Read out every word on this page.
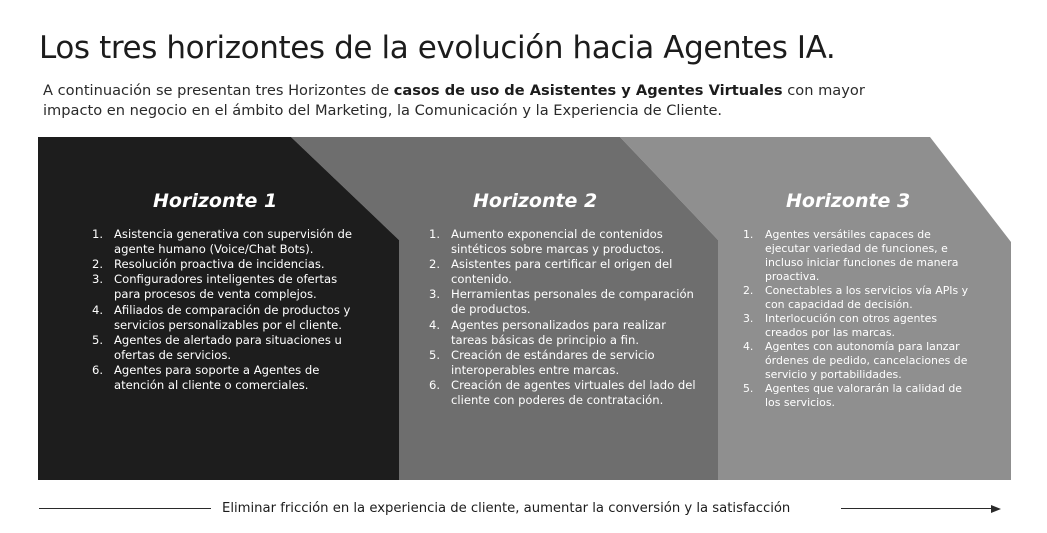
Los tres horizontes de la evolución hacia Agentes IA.

A continuación se presentan tres Horizontes de casos de uso de Asistentes y Agentes Virtuales con mayor impacto en negocio en el ámbito del Marketing, la Comunicación y la Experiencia de Cliente.

Horizonte 1
1. Asistencia generativa con supervisión de agente humano (Voice/Chat Bots).
2. Resolución proactiva de incidencias.
3. Configuradores inteligentes de ofertas para procesos de venta complejos.
4. Afiliados de comparación de productos y servicios personalizables por el cliente.
5. Agentes de alertado para situaciones u ofertas de servicios.
6. Agentes para soporte a Agentes de atención al cliente o comerciales.
Horizonte 2
1. Aumento exponencial de contenidos sintéticos sobre marcas y productos.
2. Asistentes para certificar el origen del contenido.
3. Herramientas personales de comparación de productos.
4. Agentes personalizados para realizar tareas básicas de principio a fin.
5. Creación de estándares de servicio interoperables entre marcas.
6. Creación de agentes virtuales del lado del cliente con poderes de contratación.
Horizonte 3
1. Agentes versátiles capaces de ejecutar variedad de funciones, e incluso iniciar funciones de manera proactiva.
2. Conectables a los servicios vía APIs y con capacidad de decisión.
3. Interlocución con otros agentes creados por las marcas.
4. Agentes con autonomía para lanzar órdenes de pedido, cancelaciones de servicio y portabilidades.
5. Agentes que valorarán la calidad de los servicios.

Eliminar fricción en la experiencia de cliente, aumentar la conversión y la satisfacción
